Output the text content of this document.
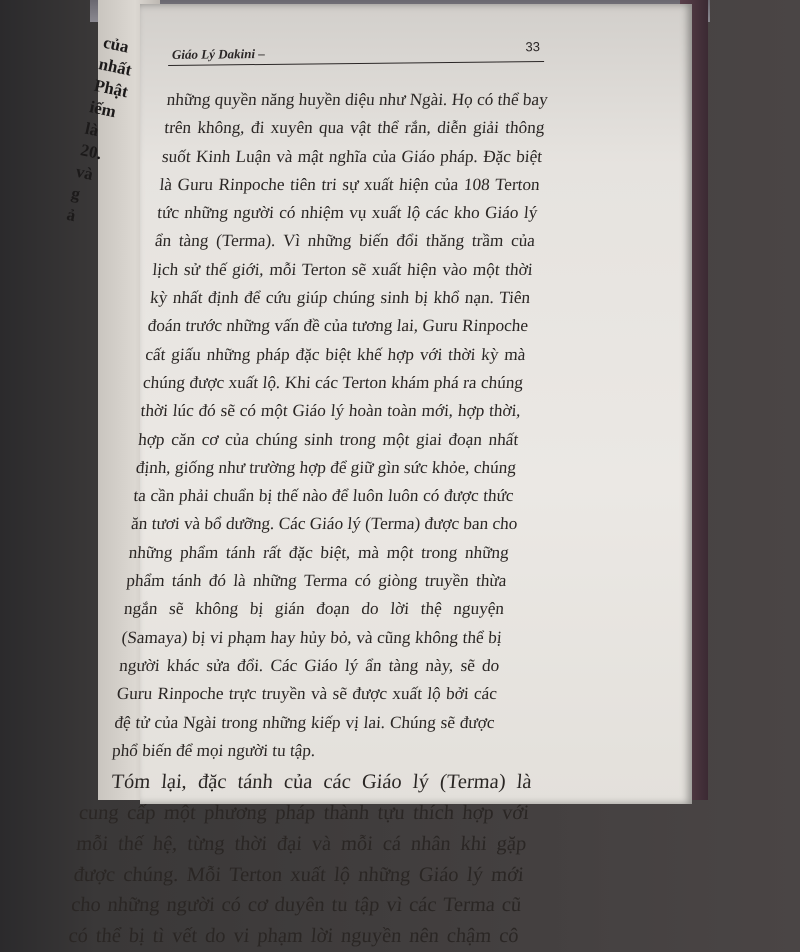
của
nhất
Phật
iếm
là
20.
và
g
ả
Giáo Lý Dakini –	33
những quyền năng huyền diệu như Ngài. Họ có thể bay
trên không, đi xuyên qua vật thể rắn, diễn giải thông
suốt Kinh Luận và mật nghĩa của Giáo pháp. Đặc biệt
là Guru Rinpoche tiên tri sự xuất hiện của 108 Terton
tức những người có nhiệm vụ xuất lộ các kho Giáo lý
ẩn tàng (Terma). Vì những biến đổi thăng trầm của
lịch sử thế giới, mỗi Terton sẽ xuất hiện vào một thời
kỳ nhất định để cứu giúp chúng sinh bị khổ nạn. Tiên
đoán trước những vấn đề của tương lai, Guru Rinpoche
cất giấu những pháp đặc biệt khế hợp với thời kỳ mà
chúng được xuất lộ. Khi các Terton khám phá ra chúng
thời lúc đó sẽ có một Giáo lý hoàn toàn mới, hợp thời,
hợp căn cơ của chúng sinh trong một giai đoạn nhất
định, giống như trường hợp để giữ gìn sức khỏe, chúng
ta cần phải chuẩn bị thế nào để luôn luôn có được thức
ăn tươi và bổ dưỡng. Các Giáo lý (Terma) được ban cho
những phẩm tánh rất đặc biệt, mà một trong những
phẩm tánh đó là những Terma có giòng truyền thừa
ngắn sẽ không bị gián đoạn do lời thệ nguyện
(Samaya) bị vi phạm hay hủy bỏ, và cũng không thể bị
người khác sửa đổi. Các Giáo lý ẩn tàng này, sẽ do
Guru Rinpoche trực truyền và sẽ được xuất lộ bởi các
đệ tử của Ngài trong những kiếp vị lai. Chúng sẽ được
phổ biến để mọi người tu tập.
Tóm lại, đặc tánh của các Giáo lý (Terma) là
cung cấp một phương pháp thành tựu thích hợp với
mỗi thế hệ, từng thời đại và mỗi cá nhân khi gặp
được chúng. Mỗi Terton xuất lộ những Giáo lý mới
cho những người có cơ duyên tu tập vì các Terma cũ
có thể bị tì vết do vi phạm lời nguyền nên chậm cô
